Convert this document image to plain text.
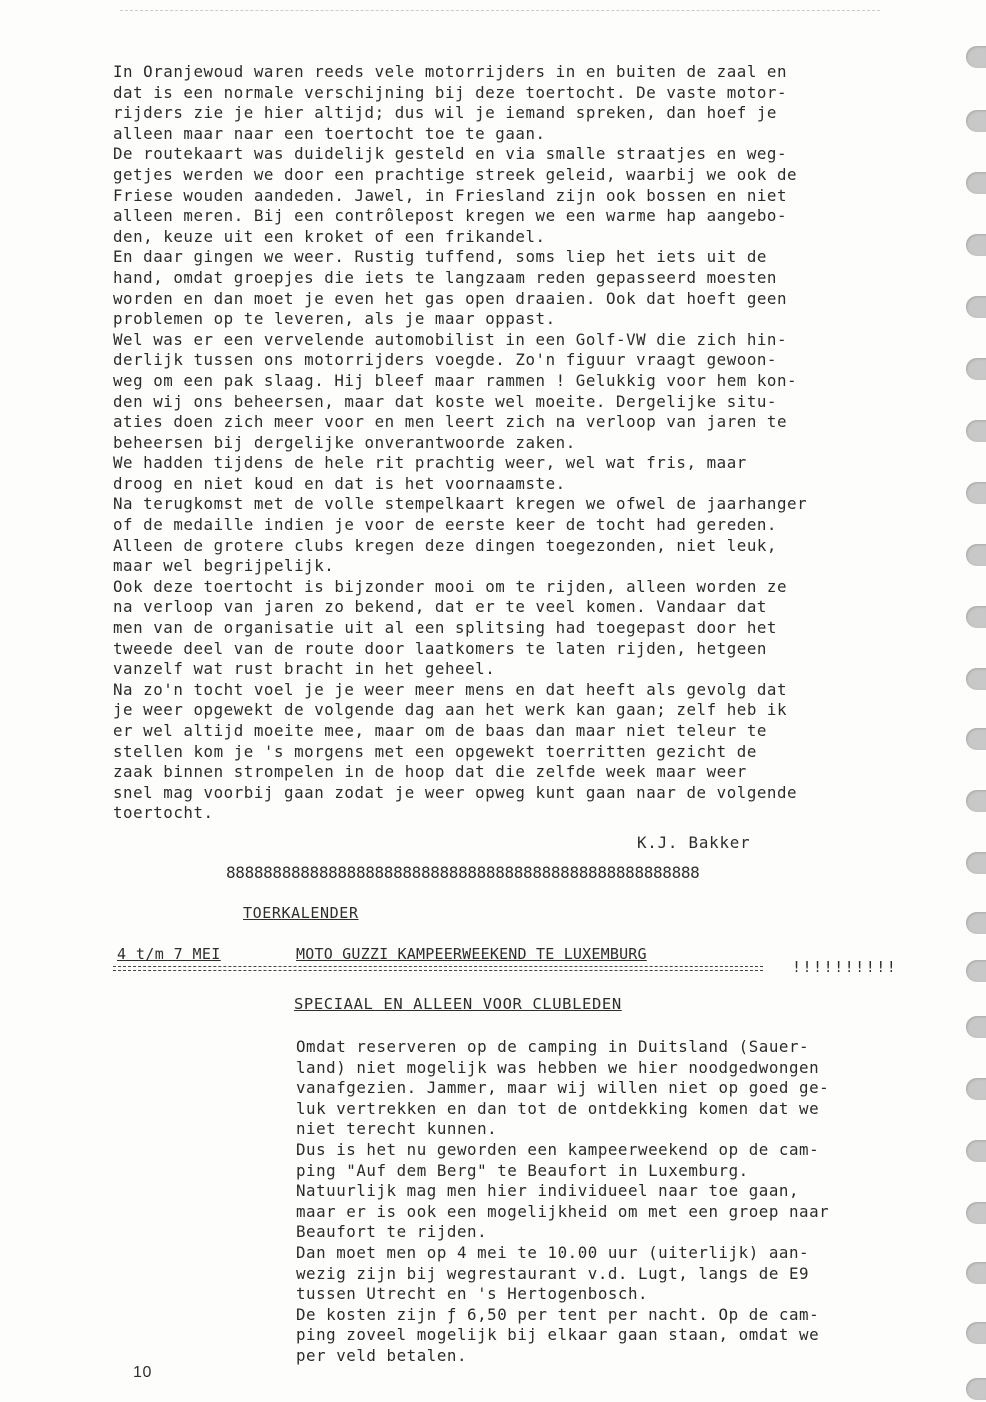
In Oranjewoud waren reeds vele motorrijders in en buiten de zaal en
dat is een normale verschijning bij deze toertocht. De vaste motor-
rijders zie je hier altijd; dus wil je iemand spreken, dan hoef je
alleen maar naar een toertocht toe te gaan.
De routekaart was duidelijk gesteld en via smalle straatjes en weg-
getjes werden we door een prachtige streek geleid, waarbij we ook de
Friese wouden aandeden. Jawel, in Friesland zijn ook bossen en niet
alleen meren. Bij een contrôlepost kregen we een warme hap aangebo-
den, keuze uit een kroket of een frikandel.
En daar gingen we weer. Rustig tuffend, soms liep het iets uit de
hand, omdat groepjes die iets te langzaam reden gepasseerd moesten
worden en dan moet je even het gas open draaien. Ook dat hoeft geen
problemen op te leveren, als je maar oppast.
Wel was er een vervelende automobilist in een Golf-VW die zich hin-
derlijk tussen ons motorrijders voegde. Zo'n figuur vraagt gewoon-
weg om een pak slaag. Hij bleef maar rammen ! Gelukkig voor hem kon-
den wij ons beheersen, maar dat koste wel moeite. Dergelijke situ-
aties doen zich meer voor en men leert zich na verloop van jaren te
beheersen bij dergelijke onverantwoorde zaken.
We hadden tijdens de hele rit prachtig weer, wel wat fris, maar
droog en niet koud en dat is het voornaamste.
Na terugkomst met de volle stempelkaart kregen we ofwel de jaarhanger
of de medaille indien je voor de eerste keer de tocht had gereden.
Alleen de grotere clubs kregen deze dingen toegezonden, niet leuk,
maar wel begrijpelijk.
Ook deze toertocht is bijzonder mooi om te rijden, alleen worden ze
na verloop van jaren zo bekend, dat er te veel komen. Vandaar dat
men van de organisatie uit al een splitsing had toegepast door het
tweede deel van de route door laatkomers te laten rijden, hetgeen
vanzelf wat rust bracht in het geheel.
Na zo'n tocht voel je je weer meer mens en dat heeft als gevolg dat
je weer opgewekt de volgende dag aan het werk kan gaan; zelf heb ik
er wel altijd moeite mee, maar om de baas dan maar niet teleur te
stellen kom je 's morgens met een opgewekt toerritten gezicht de
zaak binnen strompelen in de hoop dat die zelfde week maar weer
snel mag voorbij gaan zodat je weer opweg kunt gaan naar de volgende
toertocht.
K.J. Bakker
888888888888888888888888888888888888888888888888888
TOERKALENDER
4 t/m 7 MEI	MOTO GUZZI KAMPEERWEEKEND TE LUXEMBURG
!!!!!!!!!!
SPECIAAL EN ALLEEN VOOR CLUBLEDEN
Omdat reserveren op de camping in Duitsland (Sauer-
land) niet mogelijk was hebben we hier noodgedwongen
vanafgezien. Jammer, maar wij willen niet op goed ge-
luk vertrekken en dan tot de ontdekking komen dat we
niet terecht kunnen.
Dus is het nu geworden een kampeerweekend op de cam-
ping "Auf dem Berg" te Beaufort in Luxemburg.
Natuurlijk mag men hier individueel naar toe gaan,
maar er is ook een mogelijkheid om met een groep naar
Beaufort te rijden.
Dan moet men op 4 mei te 10.00 uur (uiterlijk) aan-
wezig zijn bij wegrestaurant v.d. Lugt, langs de E9
tussen Utrecht en 's Hertogenbosch.
De kosten zijn ƒ 6,50 per tent per nacht. Op de cam-
ping zoveel mogelijk bij elkaar gaan staan, omdat we
per veld betalen.
10
